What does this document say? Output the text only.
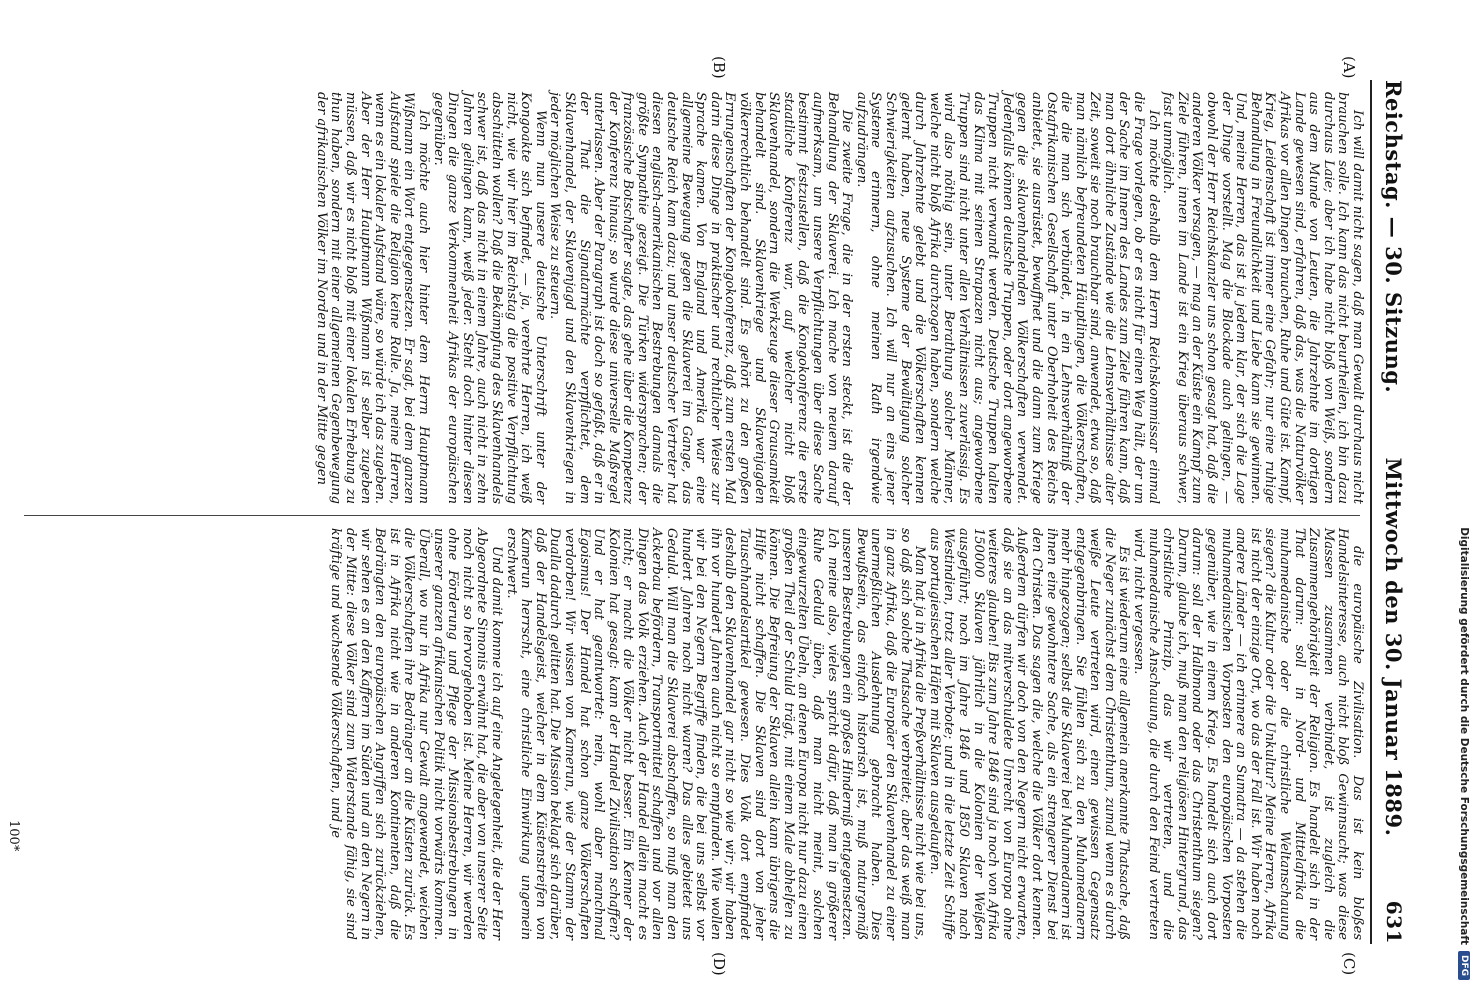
Digitalisierung gefördert durch die Deutsche Forschungsgemeinschaft
DFG
Reichstag. — 30. Sitzung.
Mittwoch den 30. Januar 1889.
631
(A)
(B)
(C)
(D)

Ich will damit nicht sagen, daß man Gewalt durchaus nicht brauchen solle. Ich kann das nicht beurtheilen, ich bin dazu durchaus Laie; aber ich habe nicht bloß von Weiß, sondern aus dem Munde von Leuten, die Jahrzehnte im dortigen Lande gewesen sind, erfahren, daß das, was die Naturvölker Afrikas vor allen Dingen brauchen, Ruhe und Güte ist. Kampf, Krieg, Leidenschaft ist immer eine Gefahr; nur eine ruhige Behandlung in Freundlichkeit und Liebe kann sie gewinnen. Und, meine Herren, das ist ja jedem klar, der sich die Lage der Dinge vorstellt. Mag die Blockade auch gelingen, — obwohl der Herr Reichskanzler uns schon gesagt hat, daß die anderen Völker versagen, — mag an der Küste ein Kampf zum Ziele führen, innen im Lande ist ein Krieg überaus schwer, fast unmöglich.

Ich möchte deshalb dem Herrn Reichskommissar einmal die Frage vorlegen, ob er es nicht für einen Weg hält, der um der Sache im Innern des Landes zum Ziele führen kann, daß man dort ähnliche Zustände wie die Lehnsverhältnisse alter Zeit, soweit sie noch brauchbar sind, anwendet, etwa so, daß man nämlich befreundeten Häuptlingen, die Völkerschaften, die die man sich verbündet, in ein Lehnsverhältniß der Ostafrikanischen Gesellschaft unter Oberhoheit des Reichs anbietet, sie ausrüstet, bewaffnet und die dann zum Kriege gegen die sklavenhandelnden Völkerschaften verwendet. Jedenfalls können deutsche Truppen, oder dort angeworbene Truppen nicht verwandt werden. Deutsche Truppen halten das Klima mit seinen Strapazen nicht aus; angeworbene Truppen sind nicht unter allen Verhältnissen zuverlässig. Es wird also nöthig sein, unter Berathung solcher Männer, welche nicht bloß Afrika durchzogen haben, sondern welche durch Jahrzehnte gelebt und die Völkerschaften kennen gelernt haben, neue Systeme der Bewältigung solcher Schwierigkeiten aufzusuchen. Ich will nur an eins jener Systeme erinnern, ohne meinen Rath irgendwie aufzudrängen.

Die zweite Frage, die in der ersten steckt, ist die der Behandlung der Sklaverei. Ich mache von neuem darauf aufmerksam, um unsere Verpflichtungen über diese Sache bestimmt festzustellen, daß die Kongokonferenz die erste staatliche Konferenz war, auf welcher nicht bloß Sklavenhandel, sondern die Werkzeuge dieser Grausamkeit behandelt sind. Sklavenkriege und Sklavenjagden völkerrechtlich behandelt sind. Es gehört zu den großen Errungenschaften der Kongokonferenz, daß zum ersten Mal darin diese Dinge in praktischer und rechtlicher Weise zur Sprache kamen. Von England und Amerika war eine allgemeine Bewegung gegen die Sklaverei im Gange, das deutsche Reich kam dazu; und unser deutscher Vertreter hat diesen englisch-amerikanischen Bestrebungen damals die größte Sympathie gezeigt. Die Türken widersprachen; der französische Botschafter sagte, das gehe über die Kompetenz der Konferenz hinaus; so wurde diese universelle Maßregel unterlassen. Aber der Paragraph ist doch so gefaßt, daß er in der That die Signatarmächte verpflichtet, dem Sklavenhandel, der Sklavenjagd und den Sklavenkriegen in jeder möglichen Weise zu steuern.

Wenn nun unsere deutsche Unterschrift unter der Kongoakte sich befindet, — ja, verehrte Herren, ich weiß nicht, wie wir hier im Reichstag die positive Verpflichtung abschütteln wollen? Daß die Bekämpfung des Sklavenhandels schwer ist, daß das nicht in einem Jahre, auch nicht in zehn Jahren gelingen kann, weiß jeder. Steht doch hinter diesen Dingen die ganze Verkommenheit Afrikas der europäischen gegenüber.

Ich möchte auch hier hinter dem Herrn Hauptmann Wißmann ein Wort entgegensetzen. Er sagt, bei dem ganzen Aufstand spiele die Religion keine Rolle. Ja, meine Herren, wenn es ein lokaler Aufstand wäre, so würde ich das zugeben. Aber der Herr Hauptmann Wißmann ist selber zugeben müssen, daß wir es nicht bloß mit einer lokalen Erhebung zu thun haben, sondern mit einer allgemeinen Gegenbewegung der afrikanischen Völker im Norden und in der Mitte gegen

die europäische Zivilisation. Das ist kein bloßes Handelsinteresse, auch nicht bloß Gewinnsucht; was diese Massen zusammen verbindet, ist zugleich die Zusammengehörigkeit der Religion. Es handelt sich in der That darum: soll in Nord- und Mittelafrika die muhamedanische oder die christliche Weltanschauung siegen? die Kultur oder die Unkultur? Meine Herren, Afrika ist nicht der einzige Ort, wo das der Fall ist. Wir haben noch andere Länder — ich erinnere an Sumatra — da stehen die muhamedanischen Vorposten den europäischen Vorposten gegenüber, wie in einem Krieg. Es handelt sich auch dort darum: soll der Halbmond oder das Christenthum siegen? Darum, glaube ich, muß man den religiösen Hintergrund, das christliche Prinzip, das wir vertreten, und die muhamedanische Anschauung, die durch den Feind vertreten wird, nicht vergessen.

Es ist wiederum eine allgemein anerkannte Thatsache, daß die Neger zunächst dem Christenthum, zumal wenn es durch weiße Leute vertreten wird, einen gewissen Gegensatz entgegenbringen. Sie fühlen sich zu den Muhamedanern mehr hingezogen; selbst die Sklaverei bei Muhamedanern ist ihnen eine gewohntere Sache, als ein strengerer Dienst bei den Christen. Das sagen die, welche die Völker dort kennen. Außerdem dürfen wir doch von den Negern nicht erwarten, daß sie an das mitverschuldete Unrecht von Europa ohne weiteres glauben! Bis zum Jahre 1846 sind ja noch von Afrika 150000 Sklaven jährlich in die Kolonien der Weißen ausgeführt; noch im Jahre 1846 und 1850 Sklaven nach Westindien, trotz aller Verbote; und in die letzte Zeit Schiffe aus portugiesischen Häfen mit Sklaven ausgelaufen.

Man hat ja in Afrika die Preßverhältnisse nicht wie bei uns, so daß sich solche Thatsache verbreitet; aber das weiß man in ganz Afrika, daß die Europäer den Sklavenhandel zu einer unermeßlichen Ausdehnung gebracht haben. Dies Bewußtsein, das einfach historisch ist, muß naturgemäß unseren Bestrebungen ein großes Hinderniß entgegensetzen. Ich meine also, vieles spricht dafür, daß man in größerer Ruhe Geduld üben, daß man nicht meint, solchen eingewurzelten Übeln, an denen Europa nicht nur dazu einen großen Theil der Schuld trägt, mit einem Male abhelfen zu können. Die Befreiung der Sklaven allein kann übrigens die Hilfe nicht schaffen. Die Sklaven sind dort von jeher Tauschhandelsartikel gewesen. Dies Volk dort empfindet deshalb den Sklavenhandel gar nicht so wie wir; wir haben ihn vor hundert Jahren auch nicht so empfunden. Wie wollen wir bei den Negern Begriffe finden, die bei uns selbst vor hundert Jahren noch nicht waren? Das alles gebietet uns Geduld. Will man die Sklaverei abschaffen, so muß man den Ackerbau befördern, Transportmittel schaffen und vor allen Dingen das Volk erziehen. Auch der Handel allein macht es nicht; er macht die Völker nicht besser. Ein Kenner der Kolonien hat gesagt: kann der Handel Zivilisation schaffen? Und er hat geantwortet: nein, wohl aber manchmal Egoismus! Der Handel hat schon ganze Völkerschaften verdorben! Wir wissen von Kamerun, wie der Stamm der Dualla dadurch gelitten hat. Die Mission beklagt sich darüber, daß der Handelsgeist, welcher in dem Küstenstreifen von Kamerun herrscht, eine christliche Einwirkung ungemein erschwert.

Und damit komme ich auf eine Angelegenheit, die der Herr Abgeordnete Simonis erwähnt hat, die aber von unserer Seite noch nicht so hervorgehoben ist. Meine Herren, wir werden ohne Förderung und Pflege der Missionsbestrebungen in unserer ganzen afrikanischen Politik nicht vorwärts kommen. Überall, wo nur in Afrika nur Gewalt angewendet, weichen die Völkerschaften ihre Bedränger an die Küsten zurück. Es ist in Afrika nicht wie in anderen Kontinenten, daß die Bedrängten den europäischen Angriffen sich zurückziehen, wir sehen es an den Kaffern im Süden und an den Negern in der Mitte: diese Völker sind zum Widerstande fähig, sie sind kräftige und wachsende Völkerschaften, und je

100*
